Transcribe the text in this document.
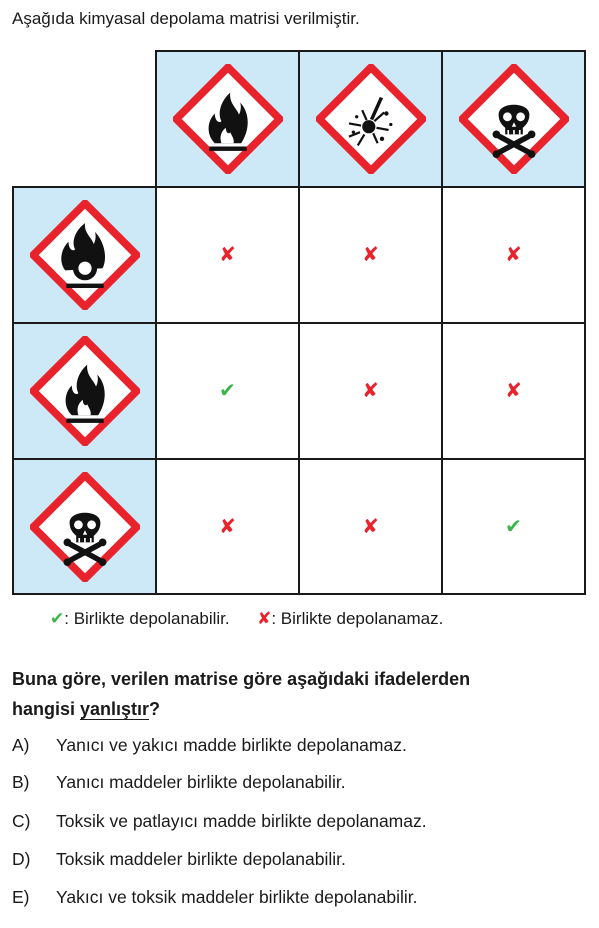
Aşağıda kimyasal depolama matrisi verilmiştir.
✘	✘	✘
✔	✘	✘
✘	✘	✔
✔: Birlikte depolanabilir. ✘: Birlikte depolanamaz.
Buna göre, verilen matrise göre aşağıdaki ifadelerden
hangisi yanlıştır?
A) Yanıcı ve yakıcı madde birlikte depolanamaz.
B) Yanıcı maddeler birlikte depolanabilir.
C) Toksik ve patlayıcı madde birlikte depolanamaz.
D) Toksik maddeler birlikte depolanabilir.
E) Yakıcı ve toksik maddeler birlikte depolanabilir.
